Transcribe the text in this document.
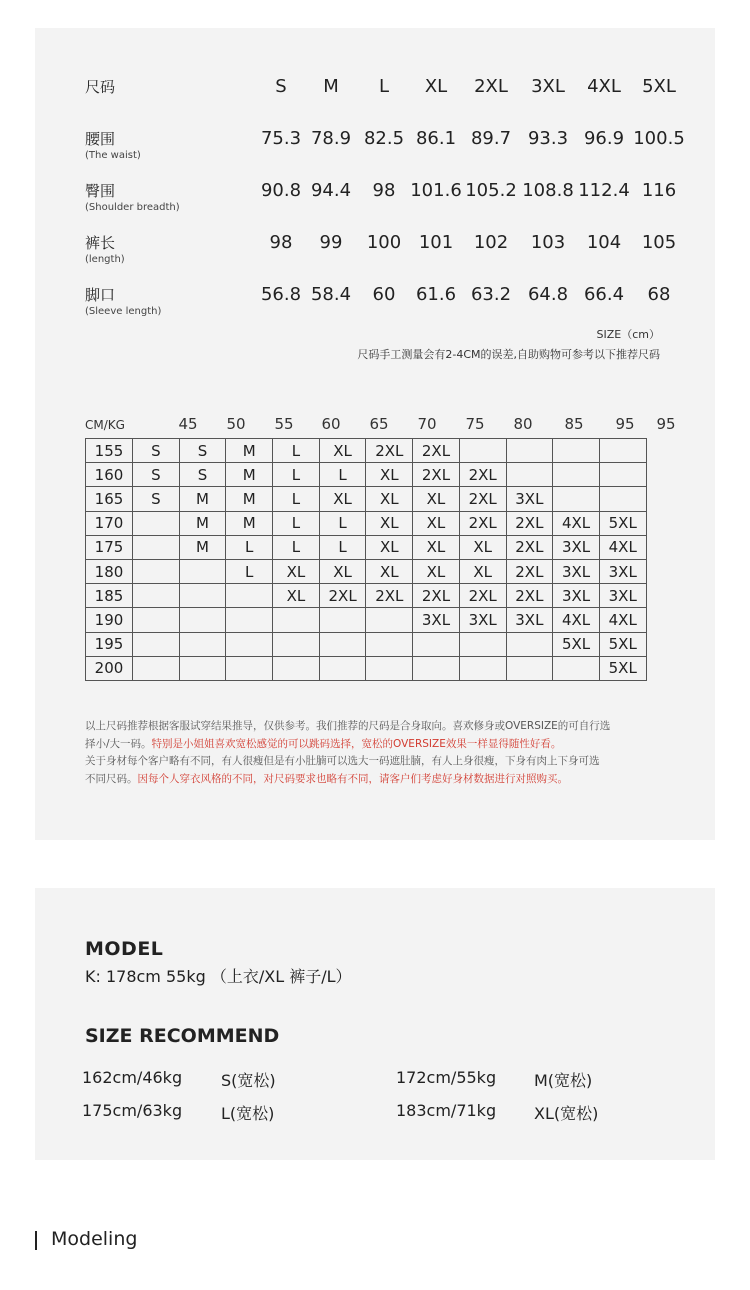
尺码	S	M	L	XL	2XL	3XL	4XL	5XL
腰围
(The waist)
75.3 78.9 82.5 86.1 89.7 93.3 96.9 100.5
臀围
(Shoulder breadth)
90.8 94.4	98 101.6 105.2 108.8 112.4 116
裤长
(length)
98	99	100 101	102	103	104	105
脚口
(Sleeve length)
56.8 58.4	60	61.6 63.2 64.8 66.4	68
SIZE（cm）
尺码手工测量会有2-4CM的误差,自助购物可参考以下推荐尺码
CM/KG	45	50	55	60	65	70	75	80	85	95	95
155	S	S	M	L	XL	2XL	2XL				
160	S	S	M	L	L	XL	2XL	2XL			
165	S	M	M	L	XL	XL	XL	2XL	3XL		
170		M	M	L	L	XL	XL	2XL	2XL	4XL	5XL
175		M	L	L	L	XL	XL	XL	2XL	3XL	4XL
180			L	XL	XL	XL	XL	XL	2XL	3XL	3XL
185				XL	2XL	2XL	2XL	2XL	2XL	3XL	3XL
190							3XL	3XL	3XL	4XL	4XL
195										5XL	5XL
200											5XL
以上尺码推荐根据客服试穿结果推导，仅供参考。我们推荐的尺码是合身取向。喜欢修身或OVERSIZE的可自行选
择小/大一码。特别是小姐姐喜欢宽松感觉的可以跳码选择，宽松的OVERSIZE效果一样显得随性好看。
关于身材每个客户略有不同，有人很瘦但是有小肚腩可以选大一码遮肚腩，有人上身很瘦，下身有肉上下身可选
不同尺码。因每个人穿衣风格的不同，对尺码要求也略有不同，请客户们考虑好身材数据进行对照购买。
MODEL
K: 178cm 55kg （上衣/XL 裤子/L）
SIZE RECOMMEND
162cm/46kg S(宽松)	172cm/55kg M(宽松)
175cm/63kg L(宽松)	183cm/71kg XL(宽松)
Modeling
